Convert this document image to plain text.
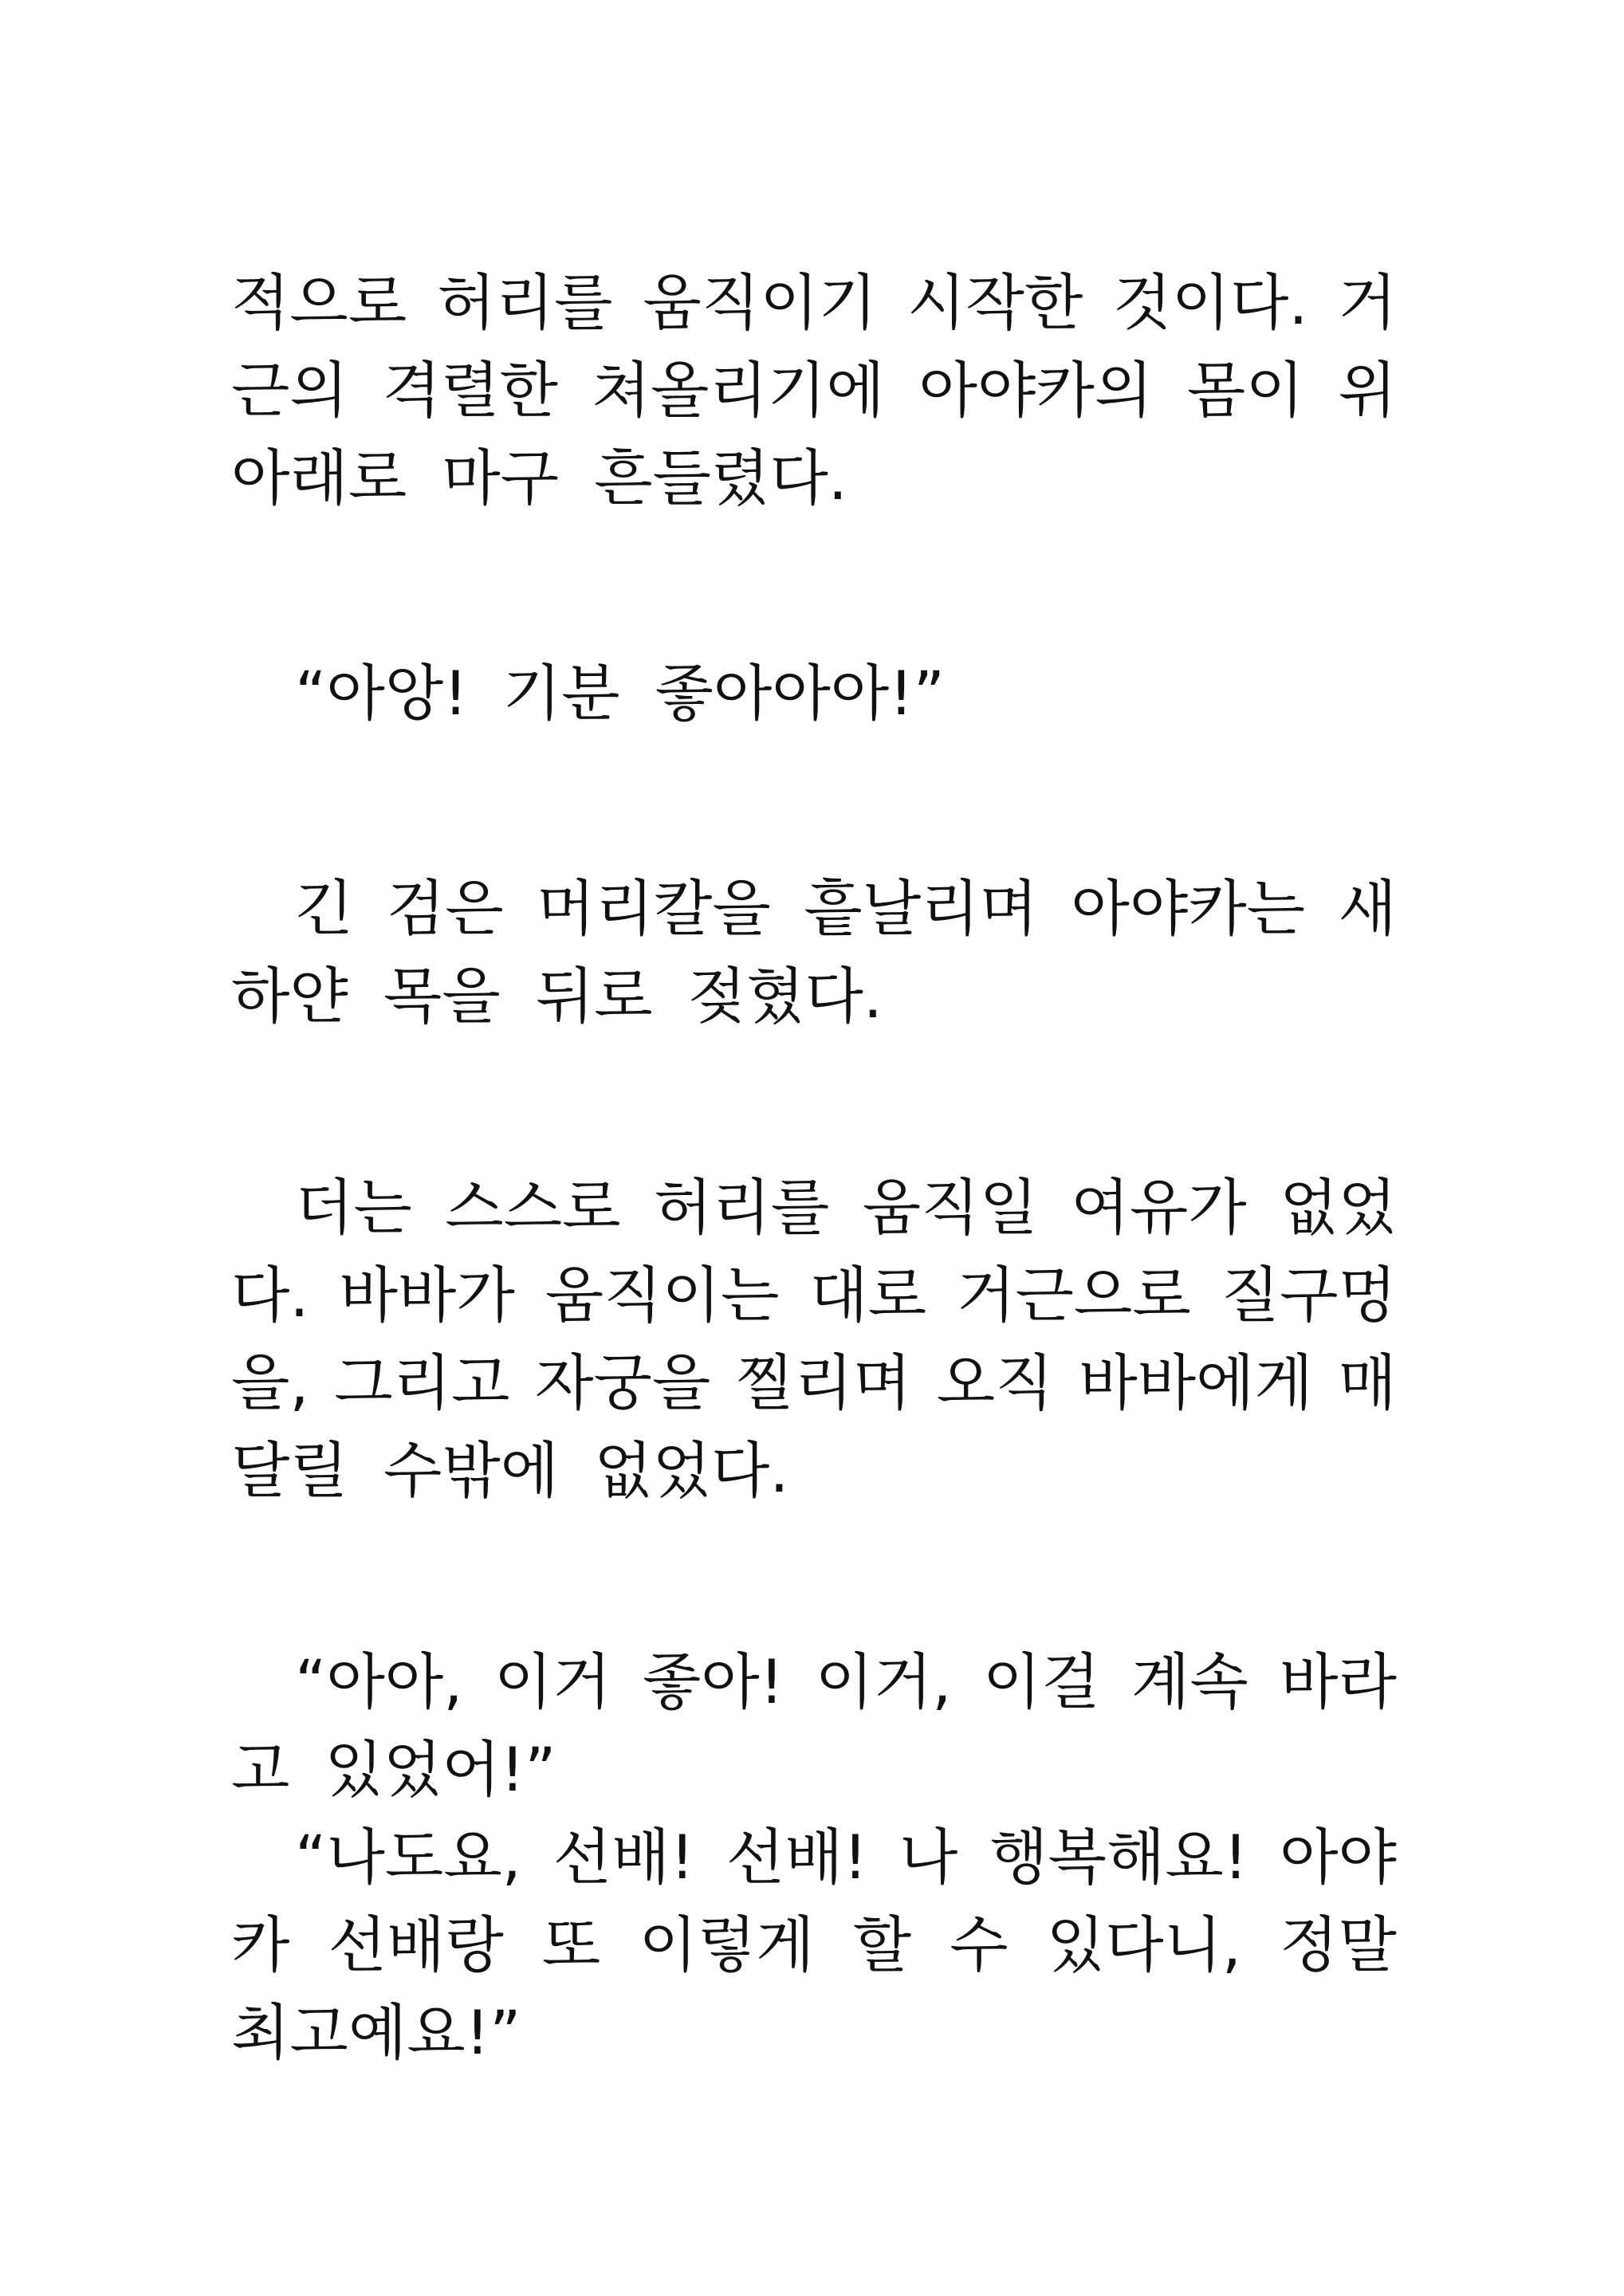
적으로 허리를 움직이기 시작한 것이다. 거
근의 격렬한 쳐올리기에 아야카의 몸이 위
아래로 마구 흔들렸다.
“아앙! 기분 좋아아아!”
긴 검은 머리칼을 흩날리며 아야카는 새
하얀 목을 뒤로 젖혔다.
더는 스스로 허리를 움직일 여유가 없었
다. 바바가 움직이는 대로 거근으로 질구멍
을, 그리고 자궁을 찔리며 오직 바바에게 매
달릴 수밖에 없었다.
“아아, 이거 좋아! 이거, 이걸 계속 바라
고 있었어!”
“나도요, 선배! 선배! 나 행복해요! 아야
카 선배랑 또 이렇게 할 수 있다니, 정말
최고예요!”
